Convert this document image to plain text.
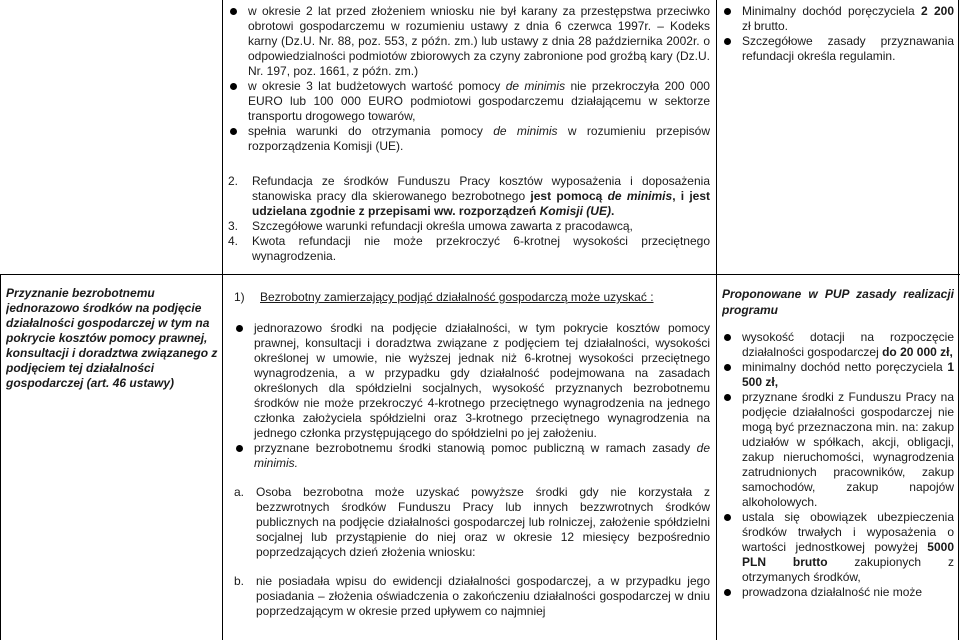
w okresie 2 lat przed złożeniem wniosku nie był karany za przestępstwa przeciwko obrotowi gospodarczemu w rozumieniu ustawy z dnia 6 czerwca 1997r. – Kodeks karny (Dz.U. Nr. 88, poz. 553, z późn. zm.) lub ustawy z dnia 28 października 2002r. o odpowiedzialności podmiotów zbiorowych za czyny zabronione pod groźbą kary (Dz.U. Nr. 197, poz. 1661, z późn. zm.)
w okresie 3 lat budżetowych wartość pomocy de minimis nie przekroczyła 200 000 EURO lub 100 000 EURO podmiotowi gospodarczemu działającemu w sektorze transportu drogowego towarów,
spełnia warunki do otrzymania pomocy de minimis w rozumieniu przepisów rozporządzenia Komisji (UE).
2. Refundacja ze środków Funduszu Pracy kosztów wyposażenia i doposażenia stanowiska pracy dla skierowanego bezrobotnego jest pomocą de minimis, i jest udzielana zgodnie z przepisami ww. rozporządzeń Komisji (UE).
3. Szczegółowe warunki refundacji określa umowa zawarta z pracodawcą,
4. Kwota refundacji nie może przekroczyć 6-krotnej wysokości przeciętnego wynagrodzenia.
Minimalny dochód poręczyciela 2 200 zł brutto.
Szczegółowe zasady przyznawania refundacji określa regulamin.
Przyznanie bezrobotnemu jednorazowo środków na podjęcie działalności gospodarczej w tym na pokrycie kosztów pomocy prawnej, konsultacji i doradztwa związanego z podjęciem tej działalności gospodarczej (art. 46 ustawy)
1) Bezrobotny zamierzający podjąć działalność gospodarczą może uzyskać :
jednorazowo środki na podjęcie działalności, w tym pokrycie kosztów pomocy prawnej, konsultacji i doradztwa związane z podjęciem tej działalności, wysokości określonej w umowie, nie wyższej jednak niż 6-krotnej wysokości przeciętnego wynagrodzenia, a w przypadku gdy działalność podejmowana na zasadach określonych dla spółdzielni socjalnych, wysokość przyznanych bezrobotnemu środków nie może przekroczyć 4-krotnego przeciętnego wynagrodzenia na jednego członka założyciela spółdzielni oraz 3-krotnego przeciętnego wynagrodzenia na jednego członka przystępującego do spółdzielni po jej założeniu.
przyznane bezrobotnemu środki stanowią pomoc publiczną w ramach zasady de minimis.
a. Osoba bezrobotna może uzyskać powyższe środki gdy nie korzystała z bezzwrotnych środków Funduszu Pracy lub innych bezzwrotnych środków publicznych na podjęcie działalności gospodarczej lub rolniczej, założenie spółdzielni socjalnej lub przystąpienie do niej oraz w okresie 12 miesięcy bezpośrednio poprzedzających dzień złożenia wniosku:
b. nie posiadała wpisu do ewidencji działalności gospodarczej, a w przypadku jego posiadania – złożenia oświadczenia o zakończeniu działalności gospodarczej w dniu poprzedzającym w okresie przed upływem co najmniej
Proponowane w PUP zasady realizacji programu
wysokość dotacji na rozpoczęcie działalności gospodarczej do 20 000 zł,
minimalny dochód netto poręczyciela 1 500 zł,
przyznane środki z Funduszu Pracy na podjęcie działalności gospodarczej nie mogą być przeznaczona min. na: zakup udziałów w spółkach, akcji, obligacji, zakup nieruchomości, wynagrodzenia zatrudnionych pracowników, zakup samochodów, zakup napojów alkoholowych.
ustala się obowiązek ubezpieczenia środków trwałych i wyposażenia o wartości jednostkowej powyżej 5000 PLN brutto zakupionych z otrzymanych środków,
prowadzona działalność nie może
